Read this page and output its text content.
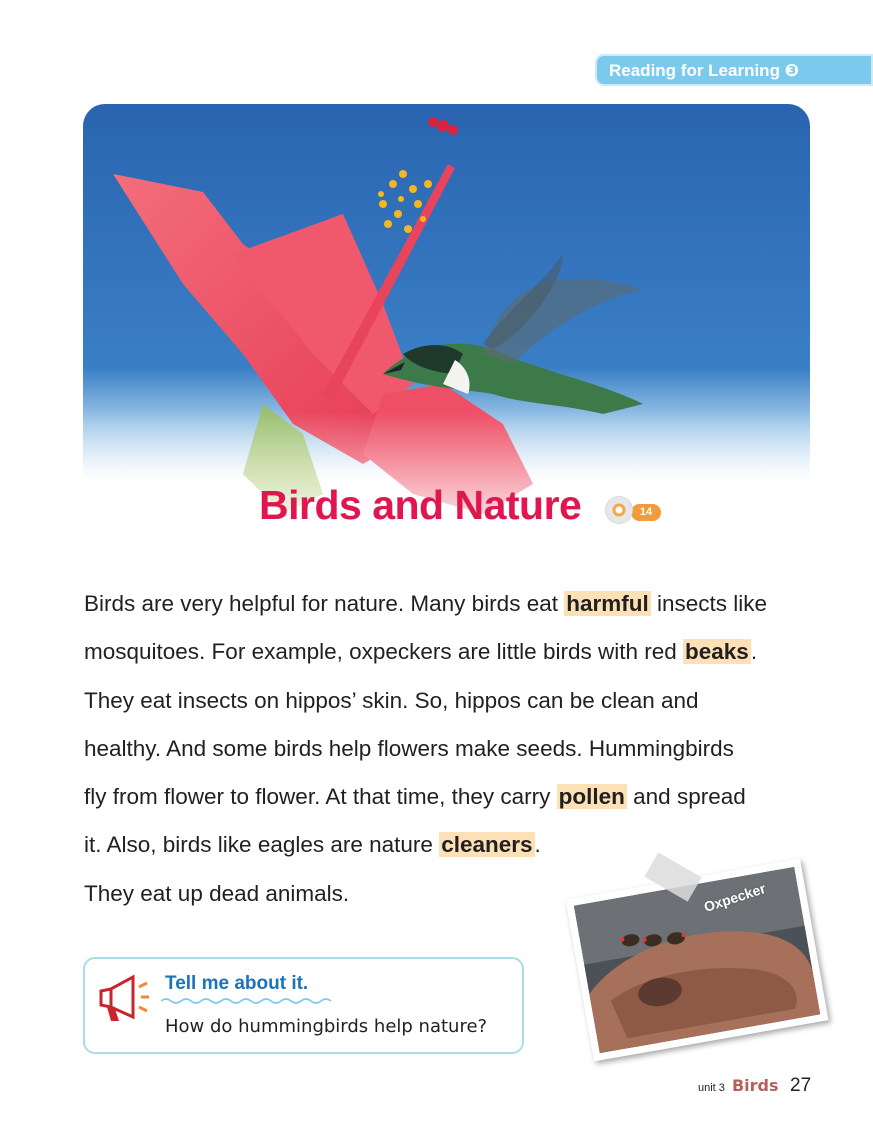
Reading for Learning ❸
Birds and Nature	14
Birds are very helpful for nature. Many birds eat harmful insects like
mosquitoes. For example, oxpeckers are little birds with red beaks.
They eat insects on hippos’ skin. So, hippos can be clean and
healthy. And some birds help flowers make seeds. Hummingbirds
fly from flower to flower. At that time, they carry pollen and spread
it. Also, birds like eagles are nature cleaners.
They eat up dead animals.
Tell me about it.
How do hummingbirds help nature?
Oxpecker
unit 3 Birds 27
